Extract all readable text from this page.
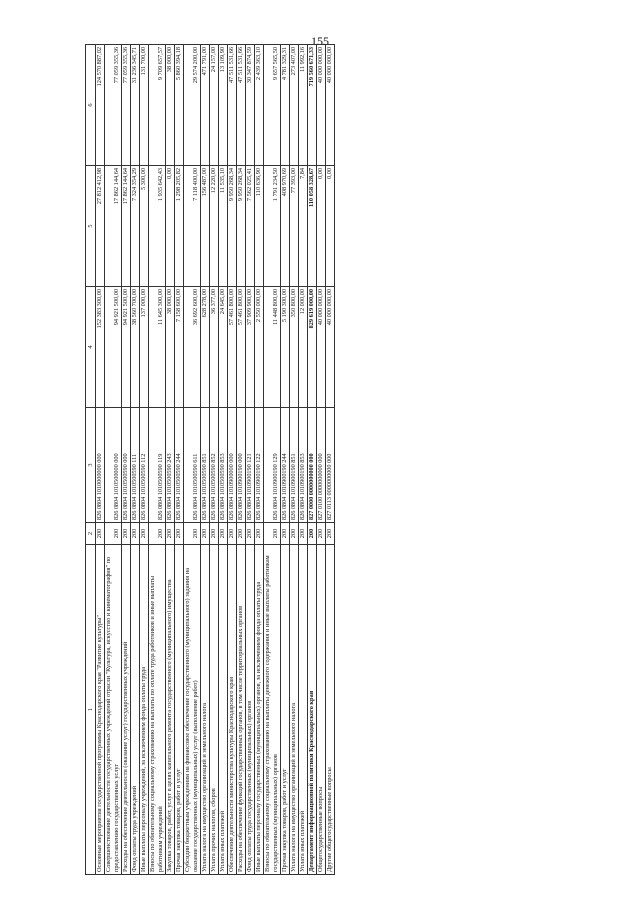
155
1	2	3	4	5	6
Основные мероприятия государственной программы Краснодарского края "Развитие культуры"	200	826 0804 1010000000 000	152 383 300,00	27 812 412,98	124 570 887,02
Совершенствование деятельности государственных учреждений отрасли "Культура, искусство и кинематография" по предоставлению государственных услуг	200	826 0804 1010500000 000	94 921 500,00	17 862 144,64	77 059 355,36
Расходы на обеспечение деятельности (оказание услуг) государственных учреждений	200	826 0804 1010500590 000	94 921 500,00	17 862 144,64	77 059 355,36
Фонд оплаты труда учреждений	200	826 0804 1010500590 111	38 560 700,00	7 324 354,29	31 236 345,71
Иные выплаты персоналу учреждений, за исключением фонда оплаты труда	200	826 0804 1010500590 112	137 000,00	5 300,00	131 700,00
Взносы по обязательному социальному страхованию на выплаты по оплате труда работников и иные выплаты работникам учреждений	200	826 0804 1010500590 119	11 645 300,00	1 935 642,43	9 709 657,57
Закупка товаров, работ, услуг в целях капитального ремонта государственного (муниципального) имущества	200	826 0804 1010500590 243	38 000,00	0,00	38 000,00
Прочая закупка товаров, работ и услуг	200	826 0804 1010500590 244	7 158 600,00	1 298 205,82	5 860 394,18
Субсидии бюджетным учреждениям на финансовое обеспечение государственного (муниципального) задания на оказание государственных (муниципальных) услуг (выполнение работ)	200	826 0804 1010500590 611	36 692 600,00	7 118 400,00	29 574 200,00
Уплата налога на имущество организаций и земельного налога	200	826 0804 1010500590 851	628 278,00	156 487,00	471 791,00
Уплата прочих налогов, сборов	200	826 0804 1010500590 852	36 377,00	12 220,00	24 157,00
Уплата иных платежей	200	826 0804 1010500590 853	24 645,00	11 535,10	13 109,90
Обеспечение деятельности министерства культуры Краснодарского края	200	826 0804 1010900000 000	57 461 800,00	9 950 268,34	47 511 531,66
Расходы на обеспечение функций государственных органов, в том числе территориальных органов	200	826 0804 1010900190 000	57 461 800,00	9 950 268,34	47 511 531,66
Фонд оплаты труда государственных (муниципальных) органов	200	826 0804 1010900190 121	37 909 900,00	7 562 025,41	30 347 874,59
Иные выплаты персоналу государственных (муниципальных) органов, за исключением фонда оплаты труда	200	826 0804 1010900190 122	2 550 000,00	110 636,90	2 439 363,10
Взносы по обязательному социальному страхованию на выплаты денежного содержания и иные выплаты работникам государственных (муниципальных) органов	200	826 0804 1010900190 129	11 448 800,00	1 791 234,50	9 657 565,50
Прочая закупка товаров, работ и услуг	200	826 0804 1010900190 244	5 190 300,00	408 970,69	4 781 329,31
Уплата налога на имущество организаций и земельного налога	200	826 0804 1010900190 851	350 800,00	77 393,00	273 407,00
Уплата иных платежей	200	826 0804 1010900190 853	12 000,00	7,84	11 992,16
Департамент информационной политики Краснодарского края	200	827 0000 0000000000 000	829 619 000,00	110 058 328,67	719 560 671,33
Общегосударственные вопросы	200	827 0100 0000000000 000	40 000 000,00	0,00	40 000 000,00
Другие общегосударственные вопросы	200	827 0113 0000000000 000	40 000 000,00	0,00	40 000 000,00
